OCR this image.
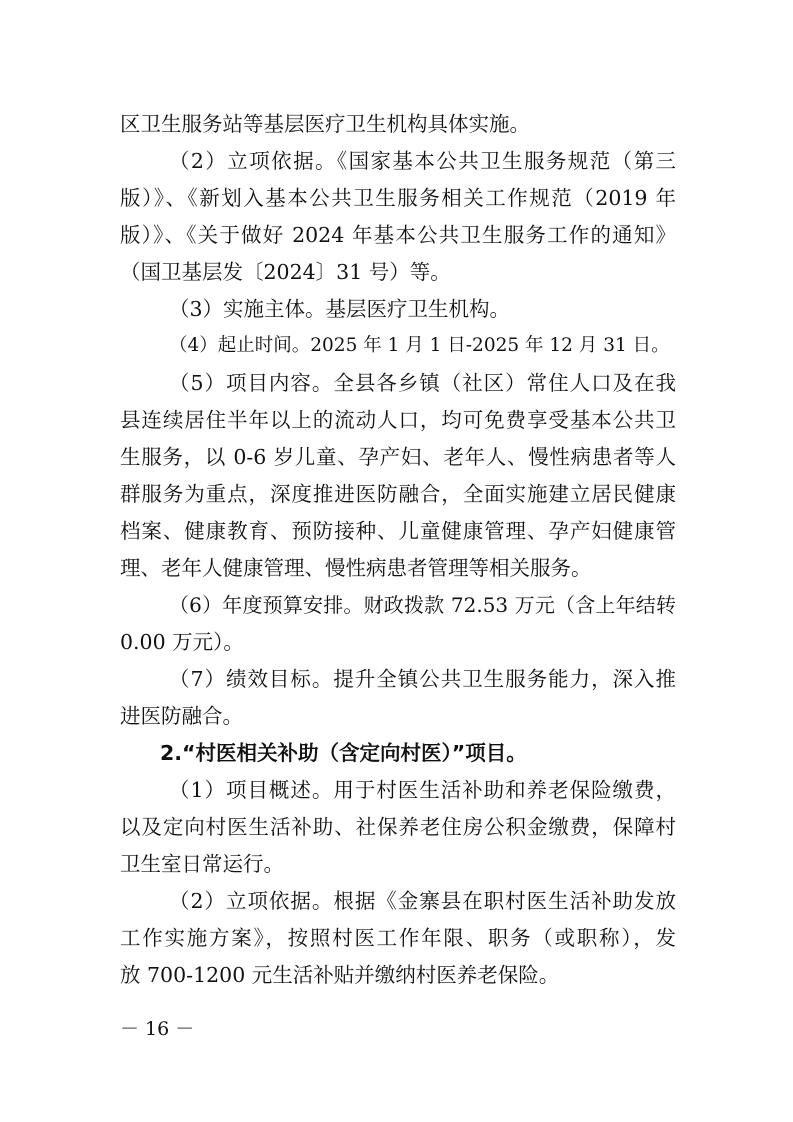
区卫生服务站等基层医疗卫生机构具体实施。
（2）立项依据。《国家基本公共卫生服务规范（第三
版）》、《新划入基本公共卫生服务相关工作规范（2019 年
版）》、《关于做好 2024 年基本公共卫生服务工作的通知》
（国卫基层发〔2024〕31 号）等。
（3）实施主体。基层医疗卫生机构。
（4）起止时间。2025 年 1 月 1 日-2025 年 12 月 31 日。
（5）项目内容。全县各乡镇（社区）常住人口及在我
县连续居住半年以上的流动人口，均可免费享受基本公共卫
生服务，以 0-6 岁儿童、孕产妇、老年人、慢性病患者等人
群服务为重点，深度推进医防融合，全面实施建立居民健康
档案、健康教育、预防接种、儿童健康管理、孕产妇健康管
理、老年人健康管理、慢性病患者管理等相关服务。
（6）年度预算安排。财政拨款 72.53 万元（含上年结转
0.00 万元）。
（7）绩效目标。提升全镇公共卫生服务能力，深入推
进医防融合。
2.“村医相关补助（含定向村医）”项目。
（1）项目概述。用于村医生活补助和养老保险缴费，
以及定向村医生活补助、社保养老住房公积金缴费，保障村
卫生室日常运行。
（2）立项依据。根据《金寨县在职村医生活补助发放
工作实施方案》，按照村医工作年限、职务（或职称），发
放 700-1200 元生活补贴并缴纳村医养老保险。
－ 16 －
